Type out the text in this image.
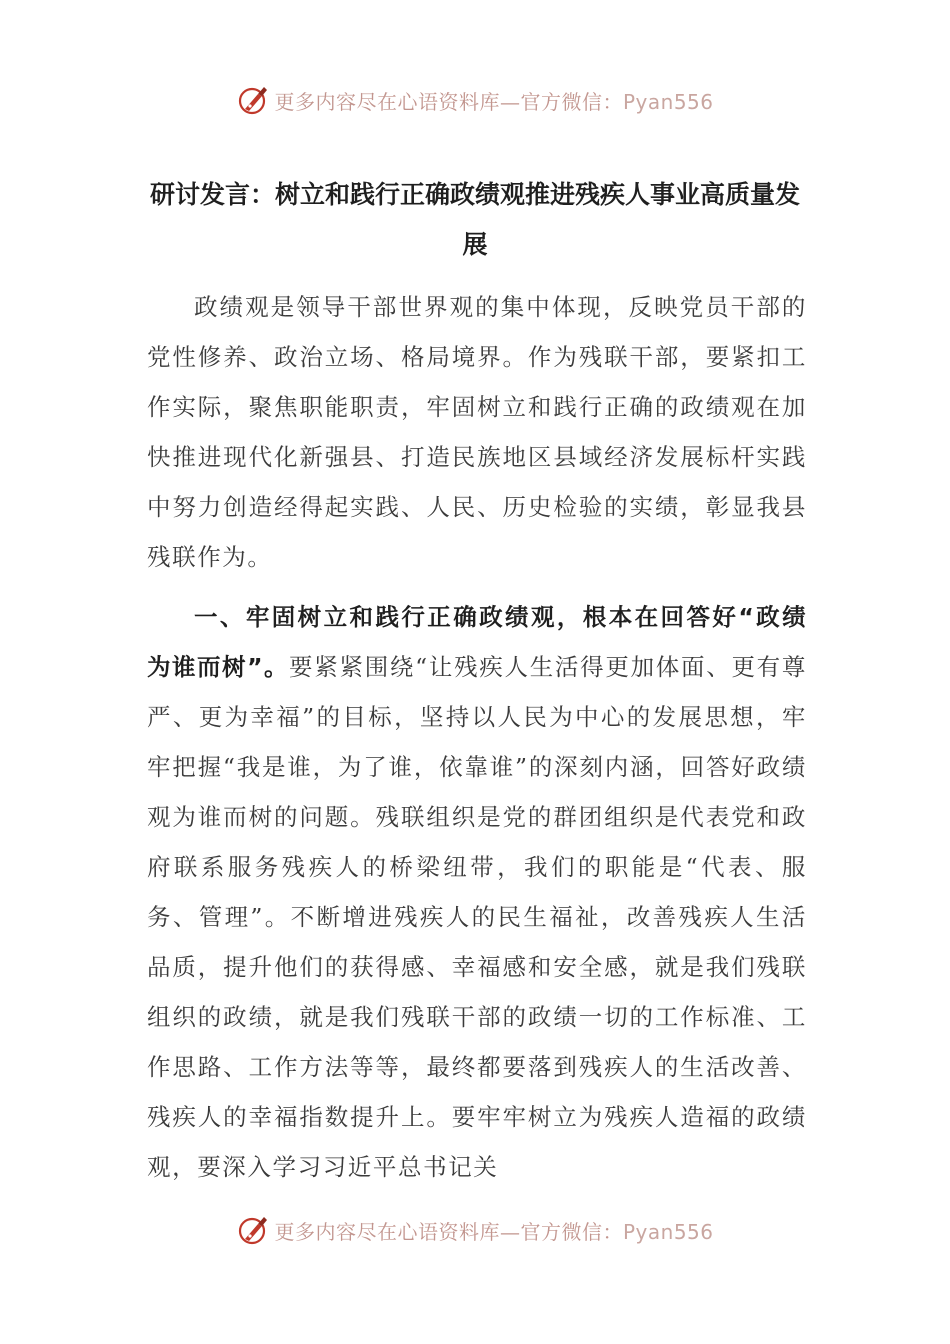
更多内容尽在心语资料库—官方微信：Pyan556
研讨发言：树立和践行正确政绩观推进残疾人事业高质量发展

政绩观是领导干部世界观的集中体现，反映党员干部的党性修养、政治立场、格局境界。作为残联干部，要紧扣工作实际，聚焦职能职责，牢固树立和践行正确的政绩观在加快推进现代化新强县、打造民族地区县域经济发展标杆实践中努力创造经得起实践、人民、历史检验的实绩，彰显我县残联作为。

一、牢固树立和践行正确政绩观，根本在回答好“政绩为谁而树”。要紧紧围绕“让残疾人生活得更加体面、更有尊严、更为幸福”的目标，坚持以人民为中心的发展思想，牢牢把握“我是谁，为了谁，依靠谁”的深刻内涵，回答好政绩观为谁而树的问题。残联组织是党的群团组织是代表党和政府联系服务残疾人的桥梁纽带，我们的职能是“代表、服务、管理”。不断增进残疾人的民生福祉，改善残疾人生活品质，提升他们的获得感、幸福感和安全感，就是我们残联组织的政绩，就是我们残联干部的政绩一切的工作标准、工作思路、工作方法等等，最终都要落到残疾人的生活改善、残疾人的幸福指数提升上。要牢牢树立为残疾人造福的政绩观，要深入学习习近平总书记关

更多内容尽在心语资料库—官方微信：Pyan556
